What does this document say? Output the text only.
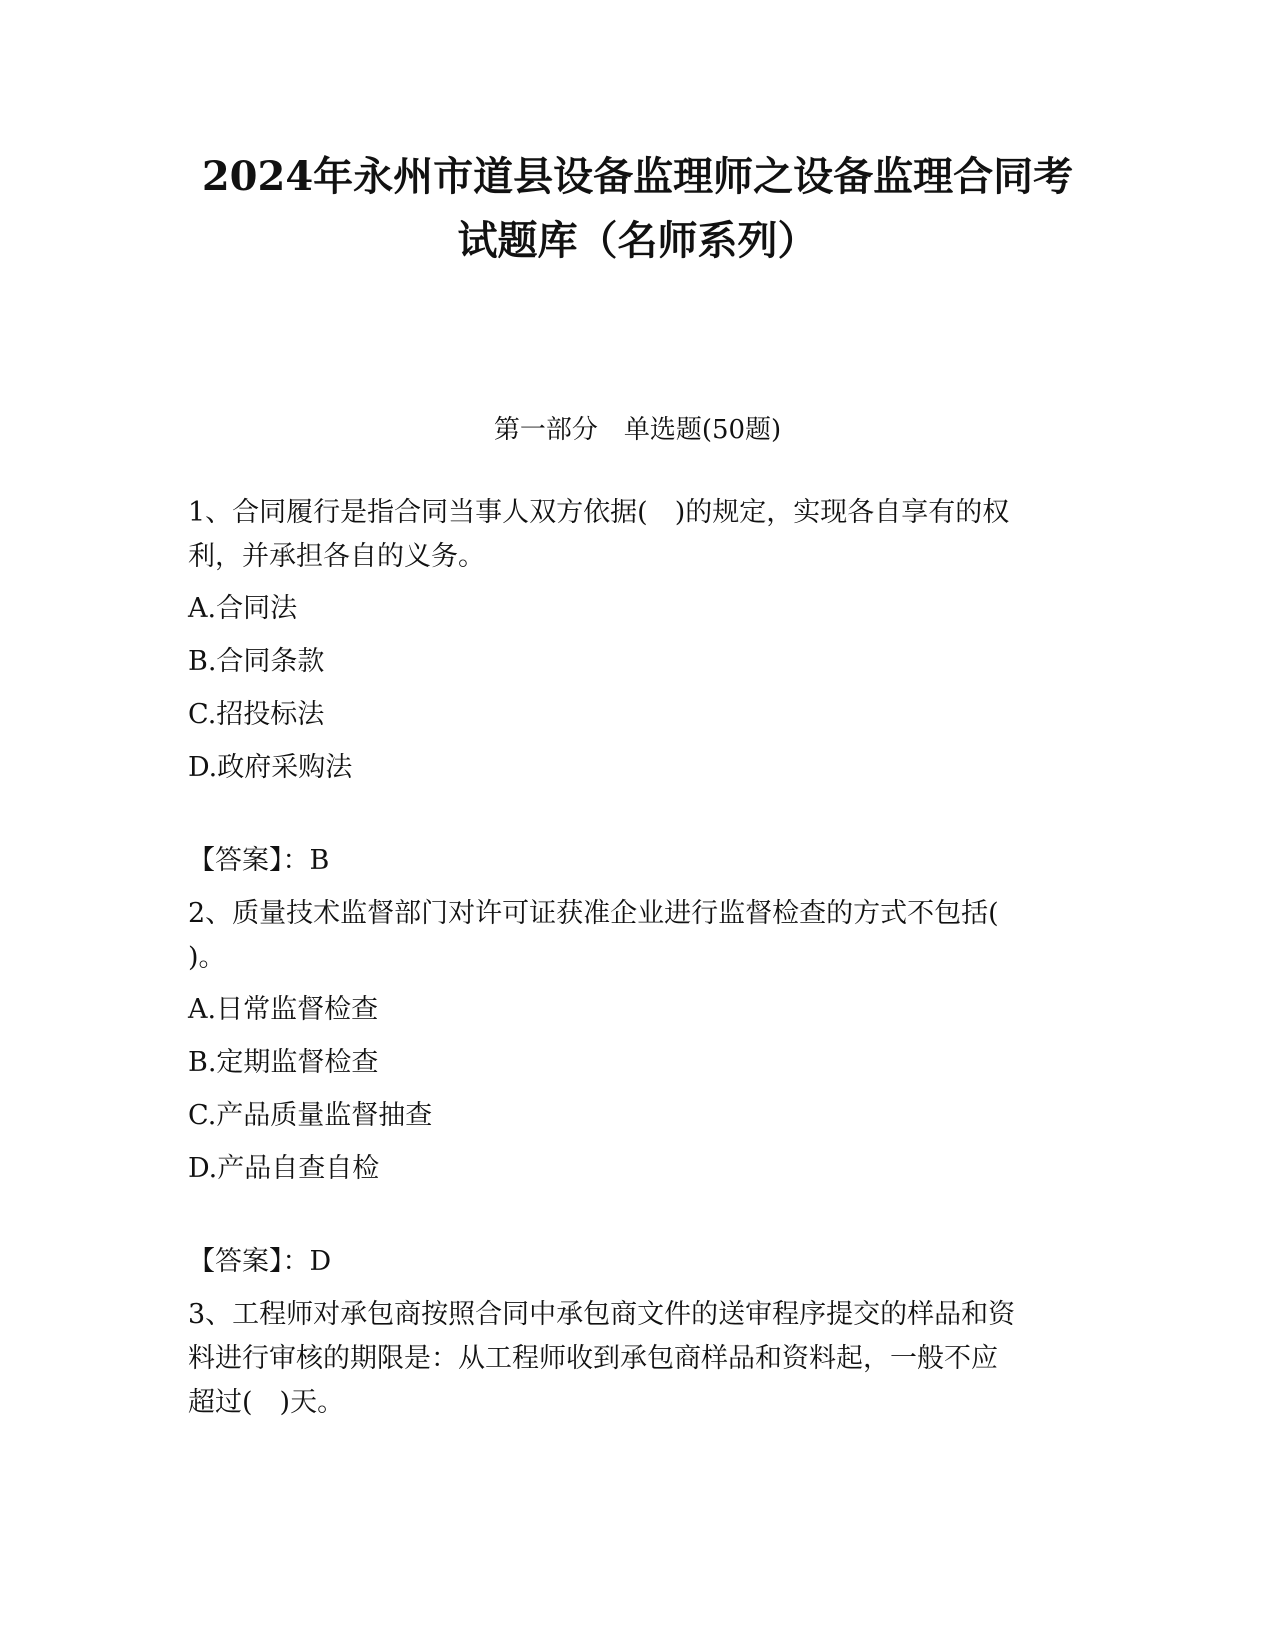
2024年永州市道县设备监理师之设备监理合同考
试题库（名师系列）
第一部分　单选题(50题)
1、合同履行是指合同当事人双方依据(　)的规定，实现各自享有的权
利，并承担各自的义务。
A.合同法
B.合同条款
C.招投标法
D.政府采购法
【答案】：B
2、质量技术监督部门对许可证获准企业进行监督检查的方式不包括(
)。
A.日常监督检查
B.定期监督检查
C.产品质量监督抽查
D.产品自查自检
【答案】：D
3、工程师对承包商按照合同中承包商文件的送审程序提交的样品和资
料进行审核的期限是：从工程师收到承包商样品和资料起，一般不应
超过(　)天。
